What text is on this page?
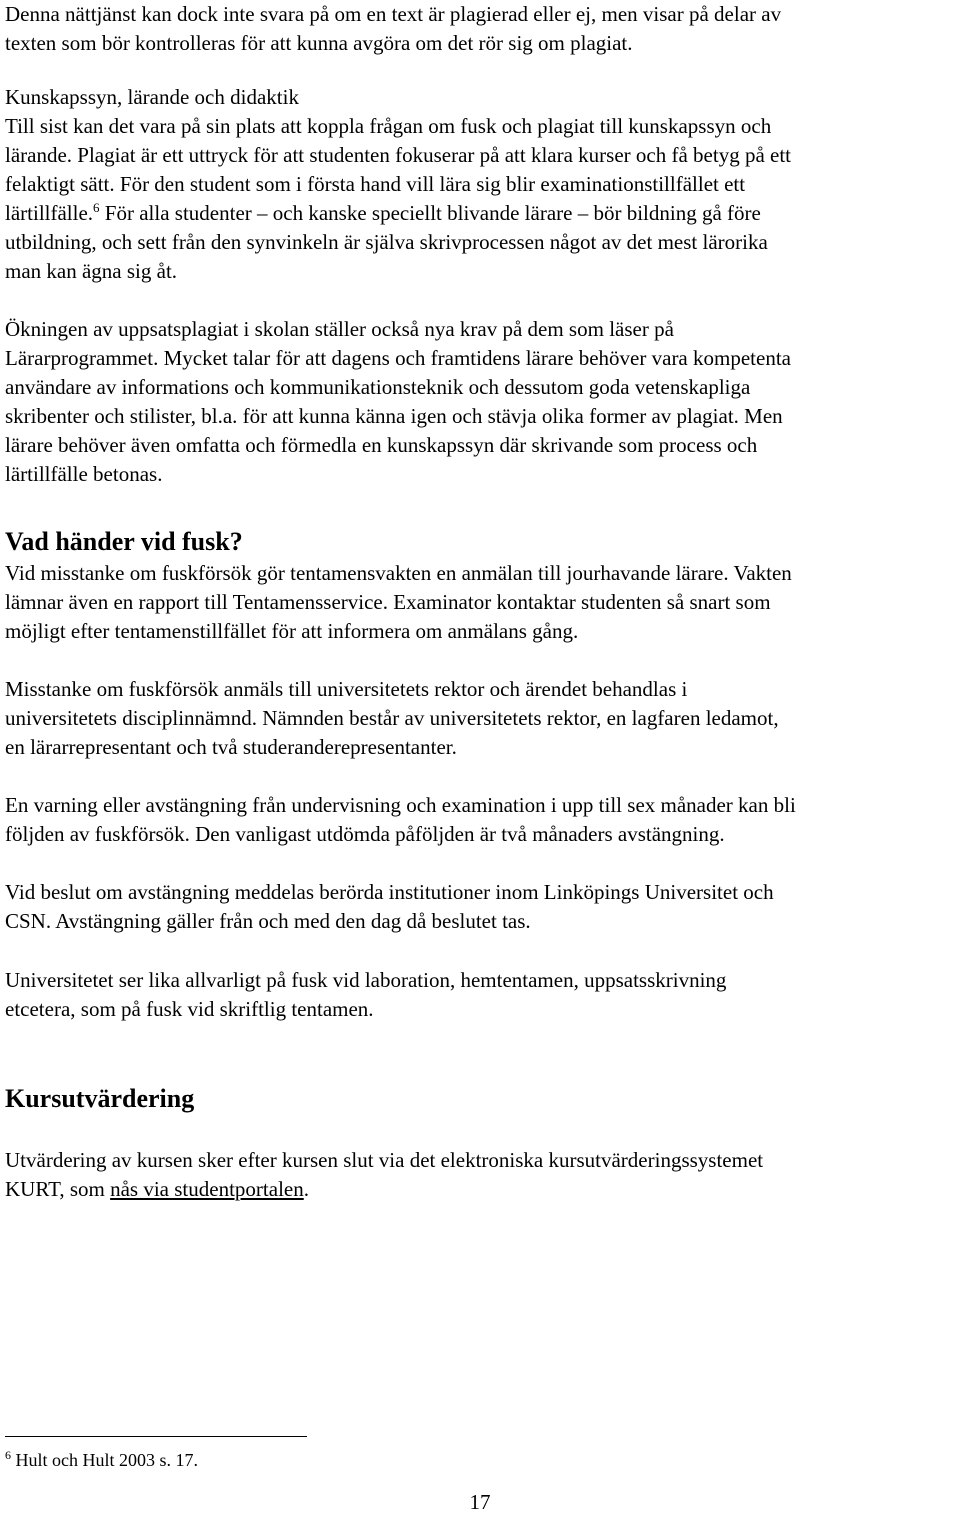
Denna nättjänst kan dock inte svara på om en text är plagierad eller ej, men visar på delar av
texten som bör kontrolleras för att kunna avgöra om det rör sig om plagiat.

Kunskapssyn, lärande och didaktik
Till sist kan det vara på sin plats att koppla frågan om fusk och plagiat till kunskapssyn och
lärande. Plagiat är ett uttryck för att studenten fokuserar på att klara kurser och få betyg på ett
felaktigt sätt. För den student som i första hand vill lära sig blir examinationstillfället ett
lärtillfälle.$^6$ För alla studenter – och kanske speciellt blivande lärare – bör bildning gå före
utbildning, och sett från den synvinkeln är själva skrivprocessen något av det mest lärorika
man kan ägna sig åt.

Ökningen av uppsatsplagiat i skolan ställer också nya krav på dem som läser på
Lärarprogrammet. Mycket talar för att dagens och framtidens lärare behöver vara kompetenta
användare av informations och kommunikationsteknik och dessutom goda vetenskapliga
skribenter och stilister, bl.a. för att kunna känna igen och stävja olika former av plagiat. Men
lärare behöver även omfatta och förmedla en kunskapssyn där skrivande som process och
lärtillfälle betonas.

Vad händer vid fusk?

Vid misstanke om fuskförsök gör tentamensvakten en anmälan till jourhavande lärare. Vakten
lämnar även en rapport till Tentamensservice. Examinator kontaktar studenten så snart som
möjligt efter tentamenstillfället för att informera om anmälans gång.

Misstanke om fuskförsök anmäls till universitetets rektor och ärendet behandlas i
universitetets disciplinnämnd. Nämnden består av universitetets rektor, en lagfaren ledamot,
en lärarrepresentant och två studeranderepresentanter.

En varning eller avstängning från undervisning och examination i upp till sex månader kan bli
följden av fuskförsök. Den vanligast utdömda påföljden är två månaders avstängning.

Vid beslut om avstängning meddelas berörda institutioner inom Linköpings Universitet och
CSN. Avstängning gäller från och med den dag då beslutet tas.

Universitetet ser lika allvarligt på fusk vid laboration, hemtentamen, uppsatsskrivning
etcetera, som på fusk vid skriftlig tentamen.

Kursutvärdering

Utvärdering av kursen sker efter kursen slut via det elektroniska kursutvärderingssystemet
KURT, som nås via studentportalen.

$^6$ Hult och Hult 2003 s. 17.

17
